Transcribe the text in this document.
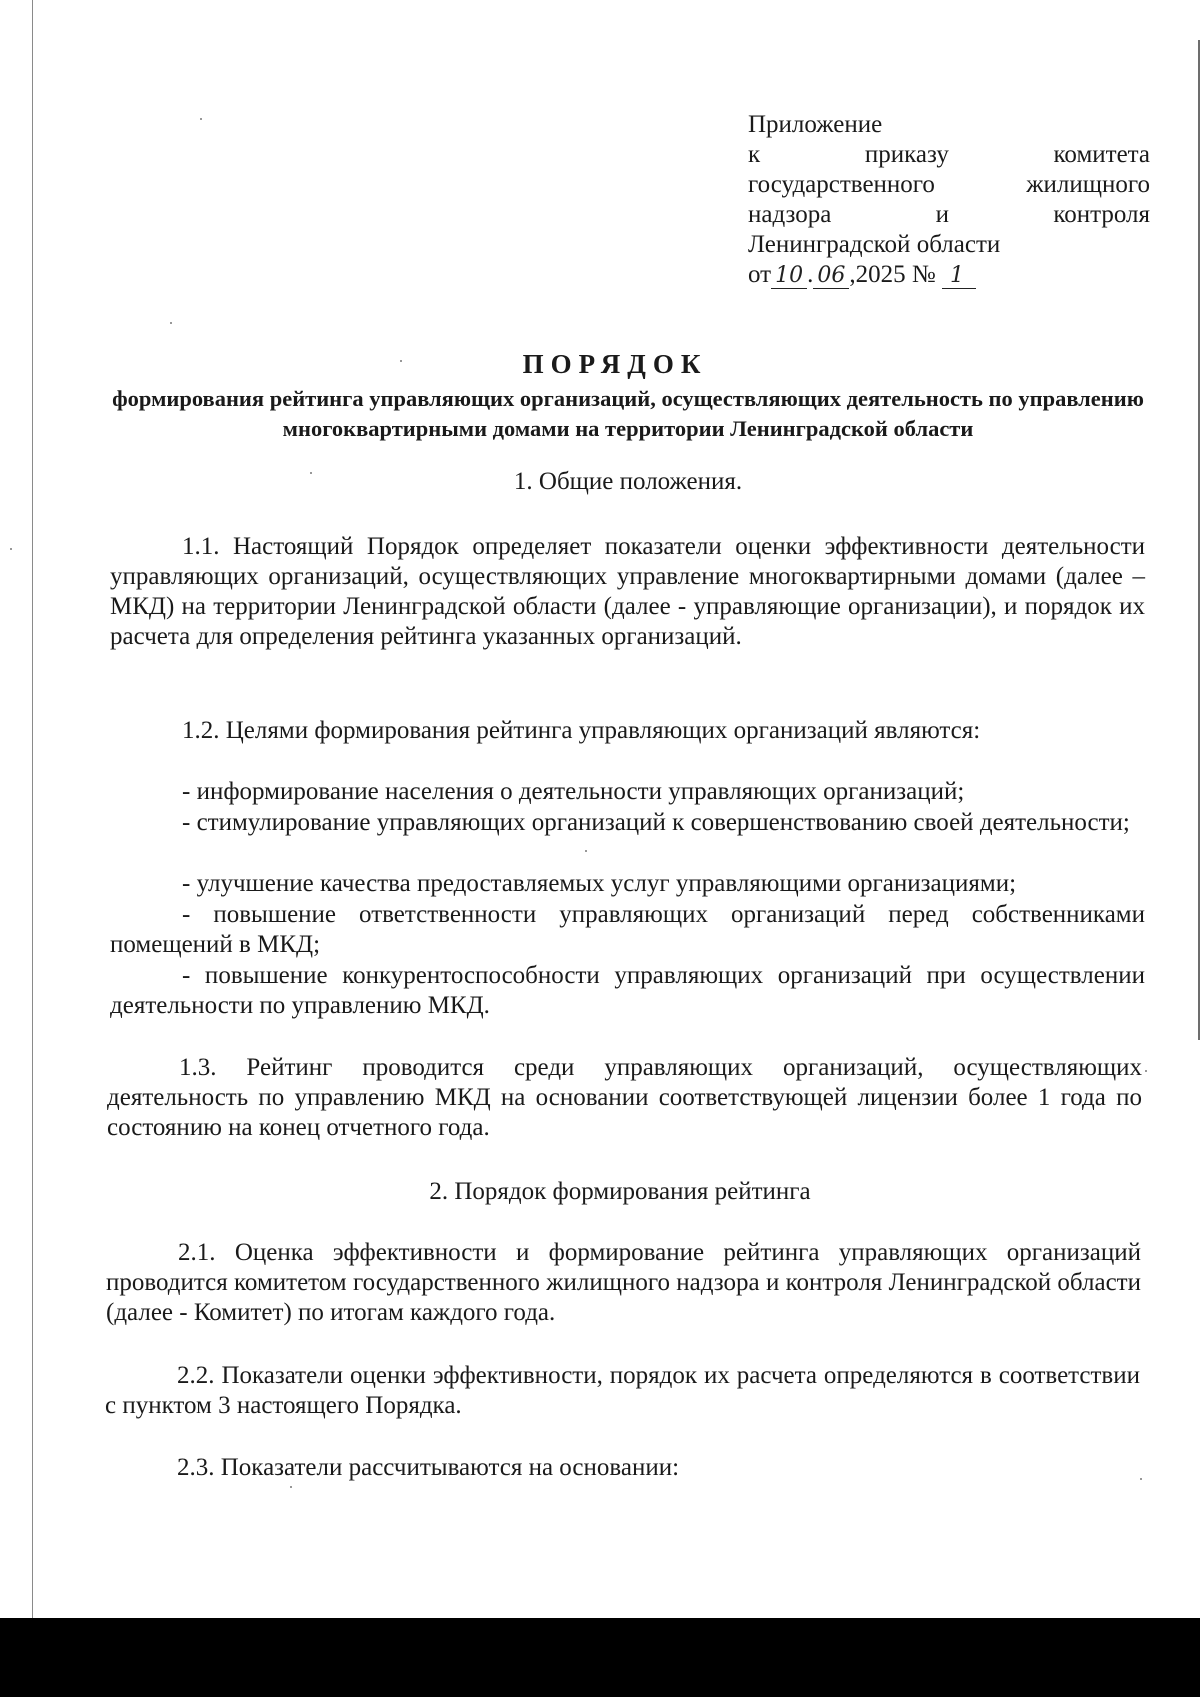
Приложение
к	приказу	комитета
государственного	жилищного
надзора	и	контроля
Ленинградской области
от 10 . 06 ,2025 № 1
ПОРЯДОК
формирования рейтинга управляющих организаций, осуществляющих деятельность по управлению многоквартирными домами на территории Ленинградской области
1. Общие положения.
1.1. Настоящий Порядок определяет показатели оценки эффективности деятельности управляющих организаций, осуществляющих управление многоквартирными домами (далее – МКД) на территории Ленинградской области (далее - управляющие организации), и порядок их расчета для определения рейтинга указанных организаций.
1.2. Целями формирования рейтинга управляющих организаций являются:
- информирование населения о деятельности управляющих организаций;
- стимулирование управляющих организаций к совершенствованию своей деятельности;
- улучшение качества предоставляемых услуг управляющими организациями;
- повышение ответственности управляющих организаций перед собственниками помещений в МКД;
- повышение конкурентоспособности управляющих организаций при осуществлении деятельности по управлению МКД.
1.3. Рейтинг проводится среди управляющих организаций, осуществляющих деятельность по управлению МКД на основании соответствующей лицензии более 1 года по состоянию на конец отчетного года.
2. Порядок формирования рейтинга
2.1. Оценка эффективности и формирование рейтинга управляющих организаций проводится комитетом государственного жилищного надзора и контроля Ленинградской области (далее - Комитет) по итогам каждого года.
2.2. Показатели оценки эффективности, порядок их расчета определяются в соответствии с пунктом 3 настоящего Порядка.
2.3. Показатели рассчитываются на основании:
